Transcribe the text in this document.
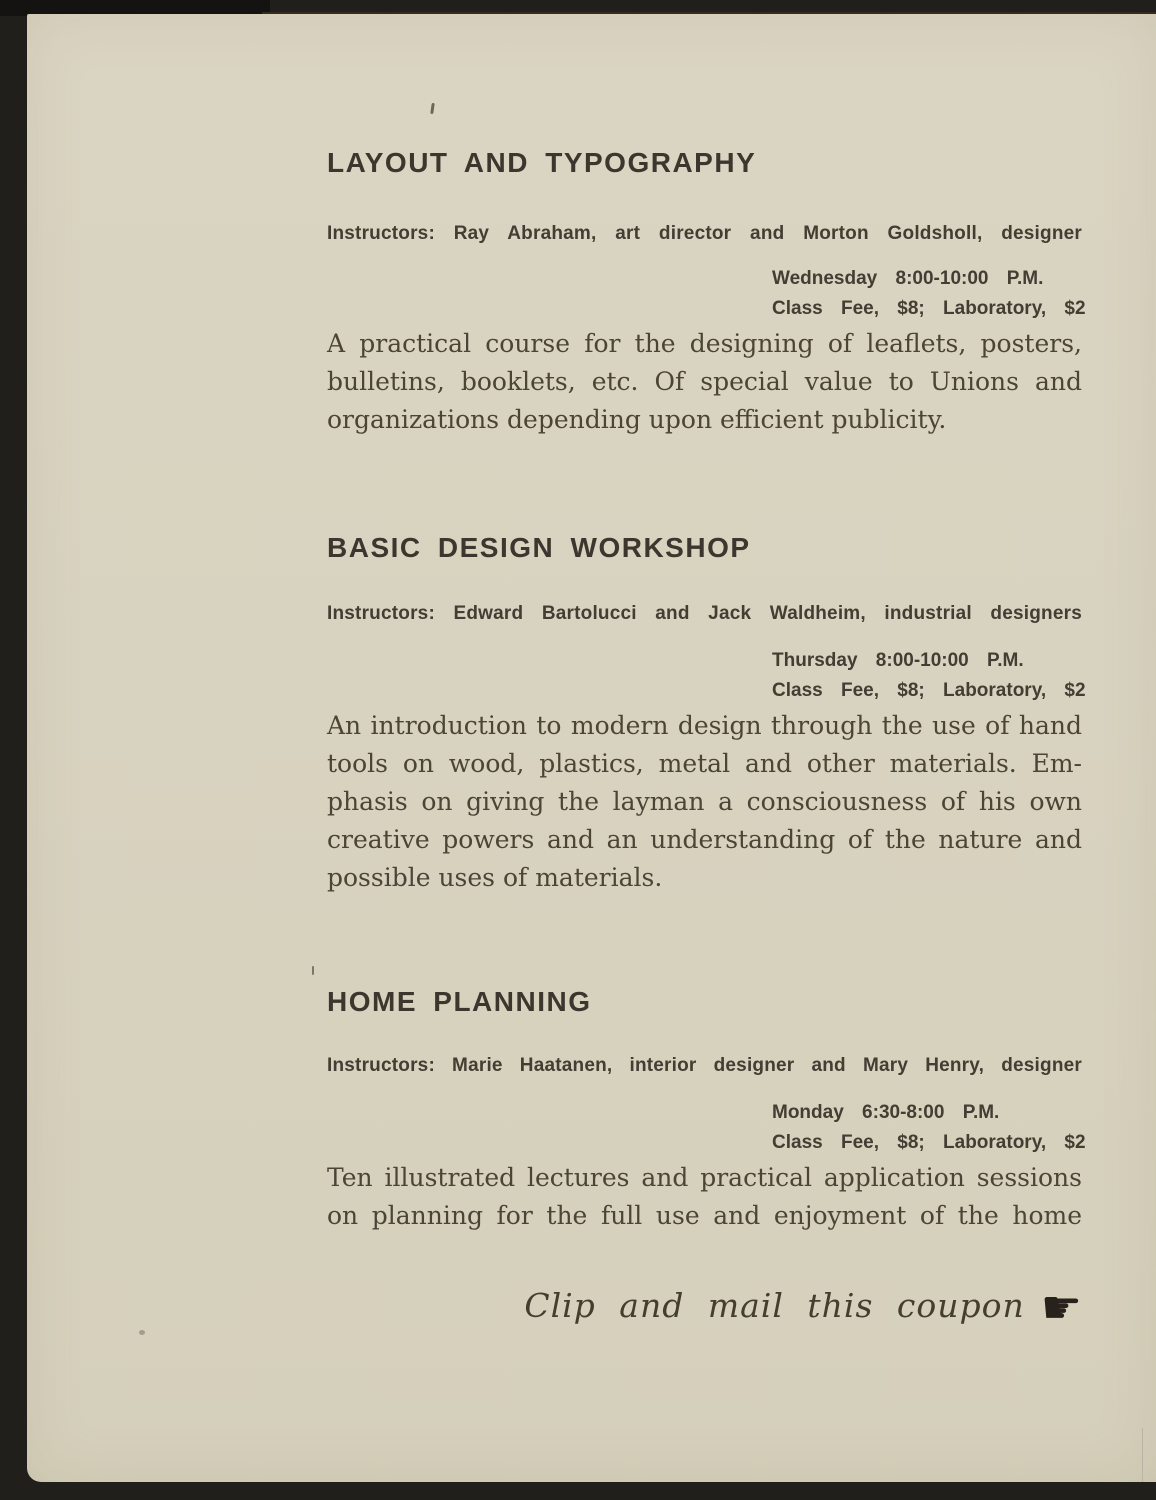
LAYOUT AND TYPOGRAPHY
Instructors: Ray Abraham, art director and Morton Goldsholl, designer
Wednesday 8:00-10:00 P.M.
Class Fee, $8; Laboratory, $2
A practical course for the designing of leaflets, posters,
bulletins, booklets, etc. Of special value to Unions and
organizations depending upon efficient publicity.
BASIC DESIGN WORKSHOP
Instructors: Edward Bartolucci and Jack Waldheim, industrial designers
Thursday 8:00-10:00 P.M.
Class Fee, $8; Laboratory, $2
An introduction to modern design through the use of hand
tools on wood, plastics, metal and other materials. Em-
phasis on giving the layman a consciousness of his own
creative powers and an understanding of the nature and
possible uses of materials.
HOME PLANNING
Instructors: Marie Haatanen, interior designer and Mary Henry, designer
Monday 6:30-8:00 P.M.
Class Fee, $8; Laboratory, $2
Ten illustrated lectures and practical application sessions
on planning for the full use and enjoyment of the home
Clip and mail this coupon ☛
